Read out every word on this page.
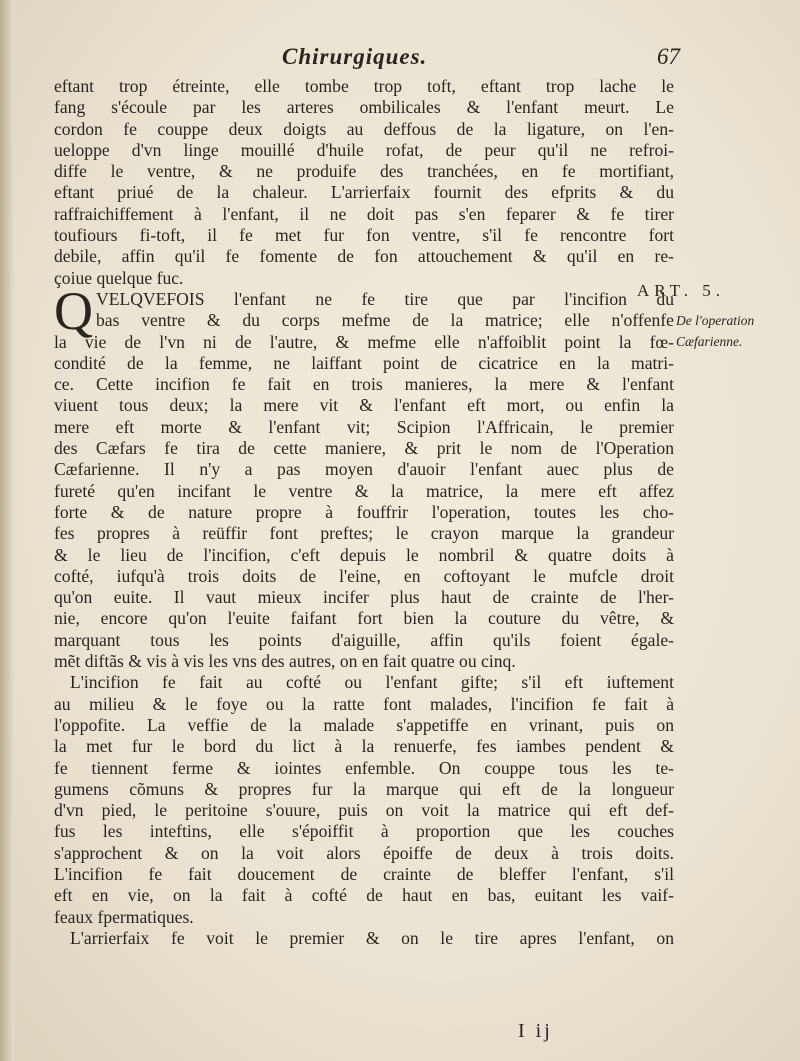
Chirurgiques.	67
ART. 5.
De l'operation
Cæfarienne.
eftant trop étreinte, elle tombe trop toft, eftant trop lache le
fang s'écoule par les arteres ombilicales & l'enfant meurt. Le
cordon fe couppe deux doigts au deffous de la ligature, on l'en-
ueloppe d'vn linge mouillé d'huile rofat, de peur qu'il ne refroi-
diffe le ventre, & ne produife des tranchées, en fe mortifiant,
eftant priué de la chaleur. L'arrierfaix fournit des efprits & du
raffraichiffement à l'enfant, il ne doit pas s'en feparer & fe tirer
toufiours fi-toft, il fe met fur fon ventre, s'il fe rencontre fort
debile, affin qu'il fe fomente de fon attouchement & qu'il en re-
çoiue quelque fuc.
Q VELQVEFOIS l'enfant ne fe tire que par l'incifion du
bas ventre & du corps mefme de la matrice; elle n'offenfe
la vie de l'vn ni de l'autre, & mefme elle n'affoiblit point la fœ-
condité de la femme, ne laiffant point de cicatrice en la matri-
ce. Cette incifion fe fait en trois manieres, la mere & l'enfant
viuent tous deux; la mere vit & l'enfant eft mort, ou enfin la
mere eft morte & l'enfant vit; Scipion l'Affricain, le premier
des Cæfars fe tira de cette maniere, & prit le nom de l'Operation
Cæfarienne. Il n'y a pas moyen d'auoir l'enfant auec plus de
fureté qu'en incifant le ventre & la matrice, la mere eft affez
forte & de nature propre à fouffrir l'operation, toutes les cho-
fes propres à reüffir font preftes; le crayon marque la grandeur
& le lieu de l'incifion, c'eft depuis le nombril & quatre doits à
cofté, iufqu'à trois doits de l'eine, en coftoyant le mufcle droit
qu'on euite. Il vaut mieux incifer plus haut de crainte de l'her-
nie, encore qu'on l'euite faifant fort bien la couture du vêtre, &
marquant tous les points d'aiguille, affin qu'ils foient égale-
mẽt diftãs & vis à vis les vns des autres, on en fait quatre ou cinq.
L'incifion fe fait au cofté ou l'enfant gifte; s'il eft iuftement
au milieu & le foye ou la ratte font malades, l'incifion fe fait à
l'oppofite. La veffie de la malade s'appetiffe en vrinant, puis on
la met fur le bord du lict à la renuerfe, fes iambes pendent &
fe tiennent ferme & iointes enfemble. On couppe tous les te-
gumens cõmuns & propres fur la marque qui eft de la longueur
d'vn pied, le peritoine s'ouure, puis on voit la matrice qui eft def-
fus les inteftins, elle s'époiffit à proportion que les couches
s'approchent & on la voit alors époiffe de deux à trois doits.
L'incifion fe fait doucement de crainte de bleffer l'enfant, s'il
eft en vie, on la fait à cofté de haut en bas, euitant les vaif-
feaux fpermatiques.
L'arrierfaix fe voit le premier & on le tire apres l'enfant, on
I ij
